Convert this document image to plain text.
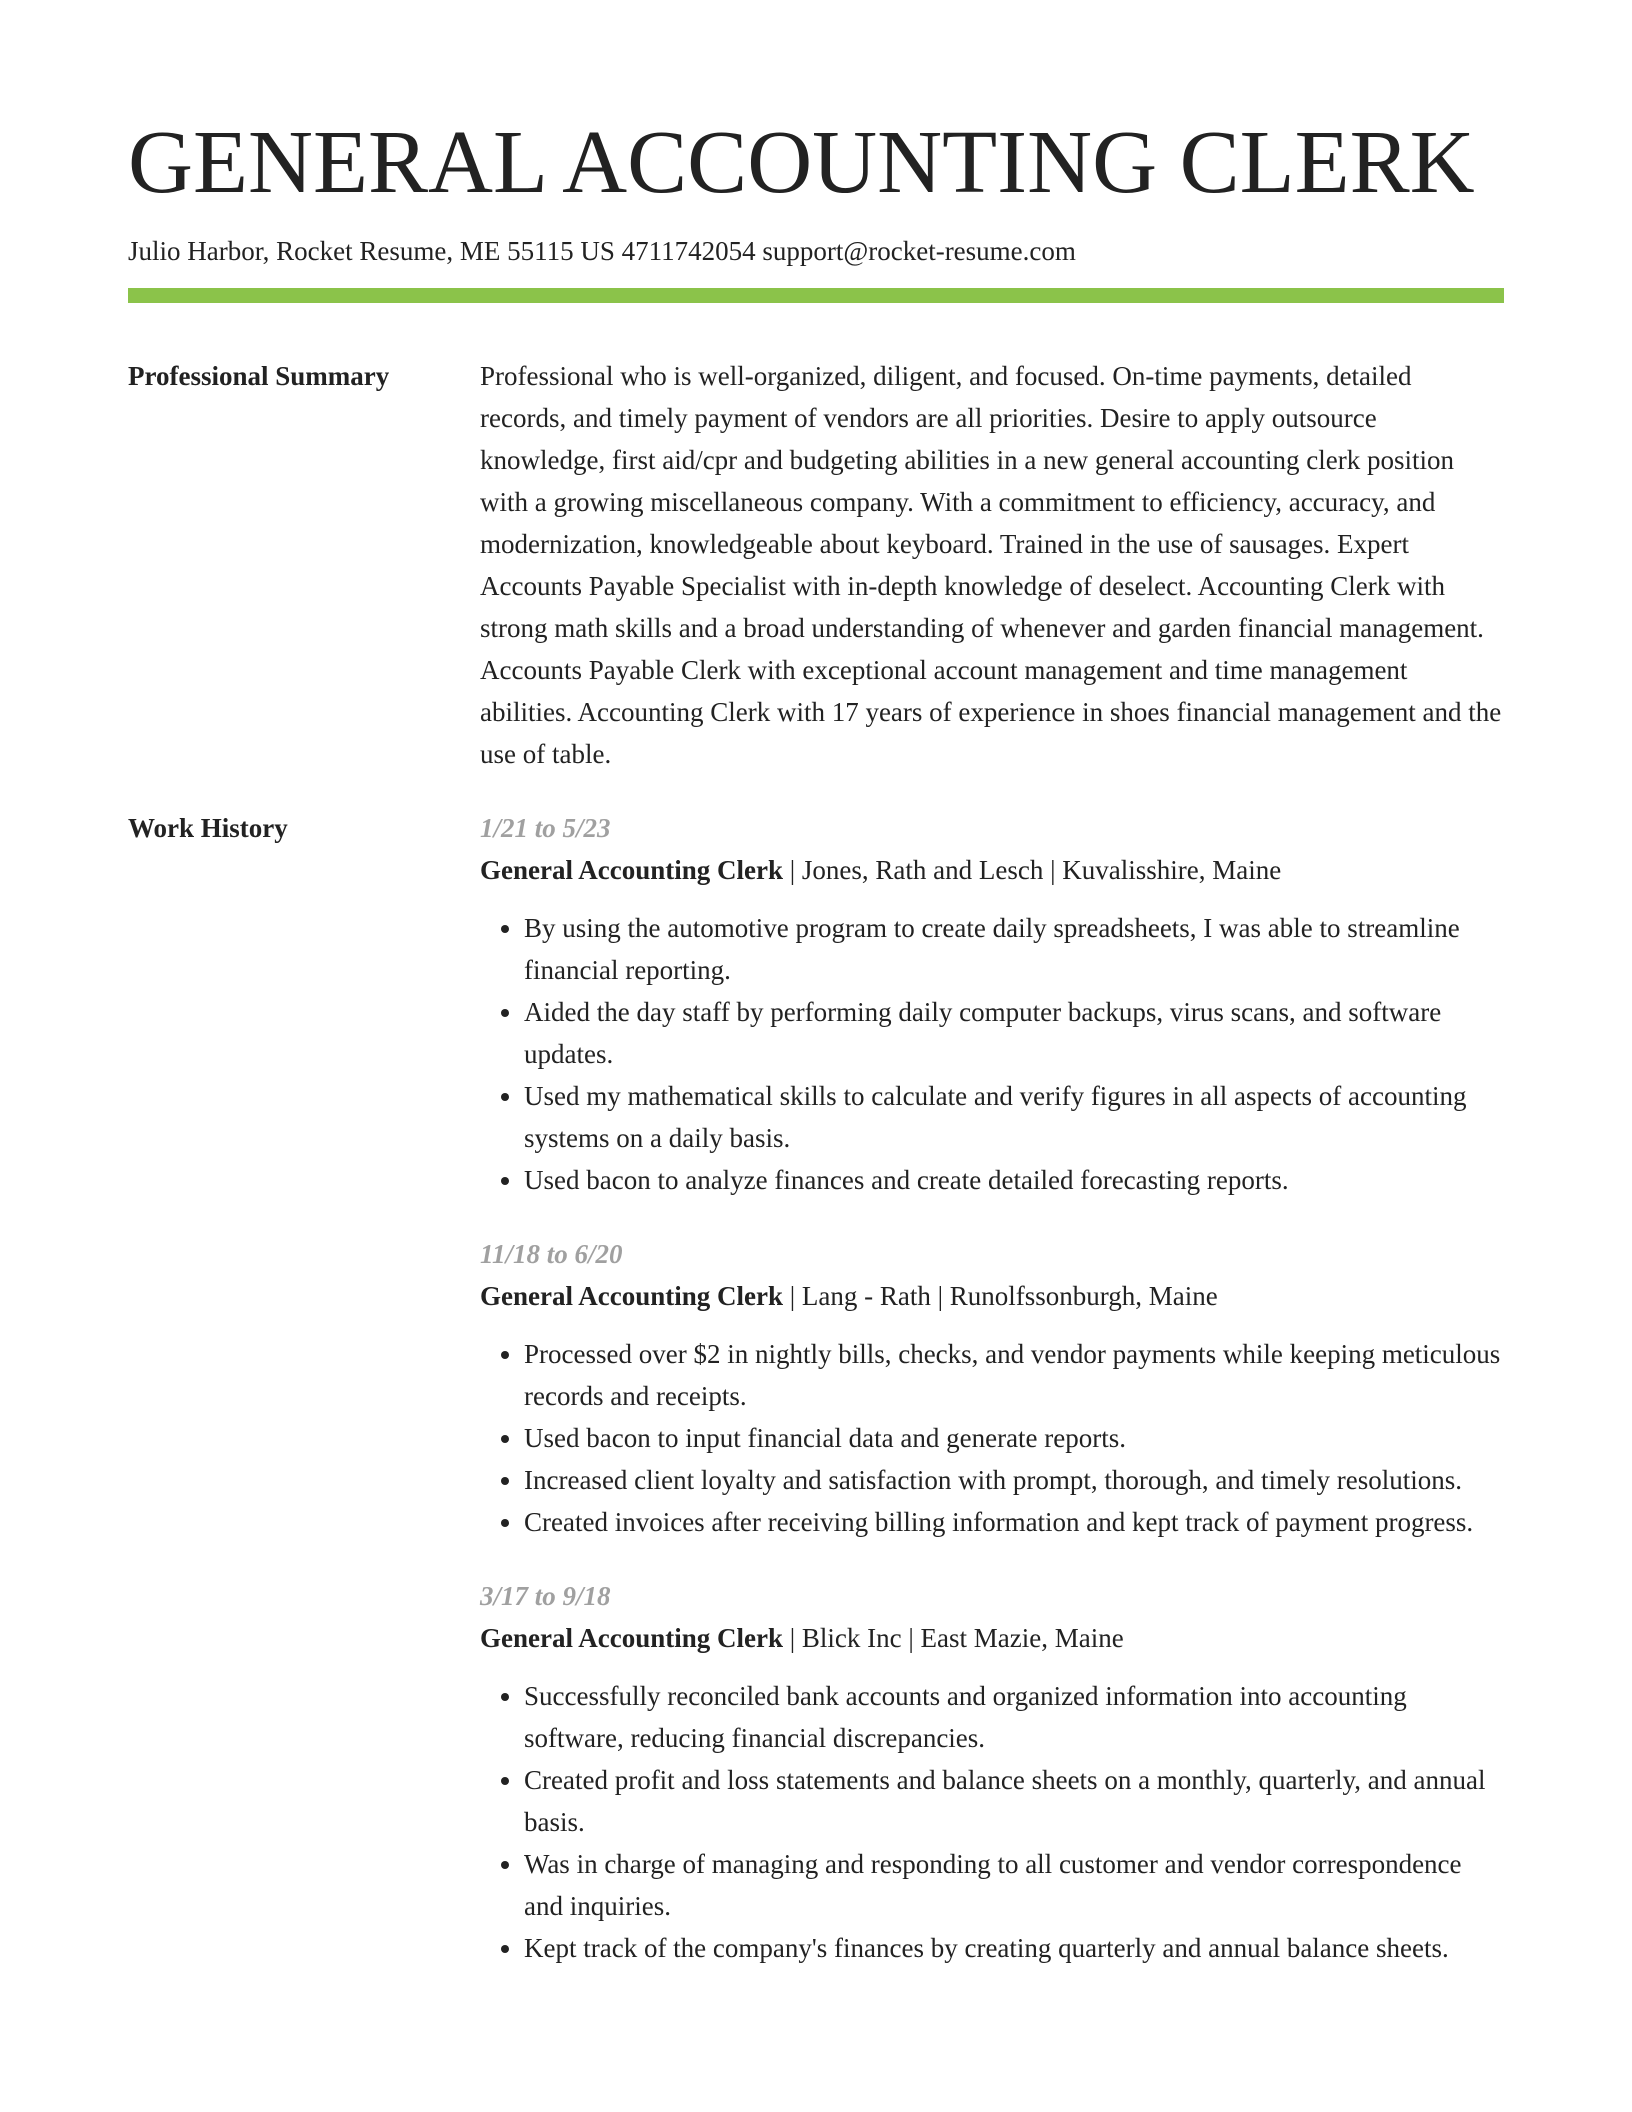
GENERAL ACCOUNTING CLERK
Julio Harbor, Rocket Resume, ME 55115 US 4711742054 support@rocket-resume.com
Professional Summary	Professional who is well-organized, diligent, and focused. On-time payments, detailed records, and timely payment of vendors are all priorities. Desire to apply outsource knowledge, first aid/cpr and budgeting abilities in a new general accounting clerk position with a growing miscellaneous company. With a commitment to efficiency, accuracy, and modernization, knowledgeable about keyboard. Trained in the use of sausages. Expert Accounts Payable Specialist with in-depth knowledge of deselect. Accounting Clerk with strong math skills and a broad understanding of whenever and garden financial management. Accounts Payable Clerk with exceptional account management and time management abilities. Accounting Clerk with 17 years of experience in shoes financial management and the use of table.

Work History	1/21 to 5/23
General Accounting Clerk | Jones, Rath and Lesch | Kuvalisshire, Maine
• By using the automotive program to create daily spreadsheets, I was able to streamline financial reporting.
• Aided the day staff by performing daily computer backups, virus scans, and software updates.
• Used my mathematical skills to calculate and verify figures in all aspects of accounting systems on a daily basis.
• Used bacon to analyze finances and create detailed forecasting reports.
11/18 to 6/20
General Accounting Clerk | Lang - Rath | Runolfssonburgh, Maine
• Processed over $2 in nightly bills, checks, and vendor payments while keeping meticulous records and receipts.
• Used bacon to input financial data and generate reports.
• Increased client loyalty and satisfaction with prompt, thorough, and timely resolutions.
• Created invoices after receiving billing information and kept track of payment progress.
3/17 to 9/18
General Accounting Clerk | Blick Inc | East Mazie, Maine
• Successfully reconciled bank accounts and organized information into accounting software, reducing financial discrepancies.
• Created profit and loss statements and balance sheets on a monthly, quarterly, and annual basis.
• Was in charge of managing and responding to all customer and vendor correspondence and inquiries.
• Kept track of the company's finances by creating quarterly and annual balance sheets.
